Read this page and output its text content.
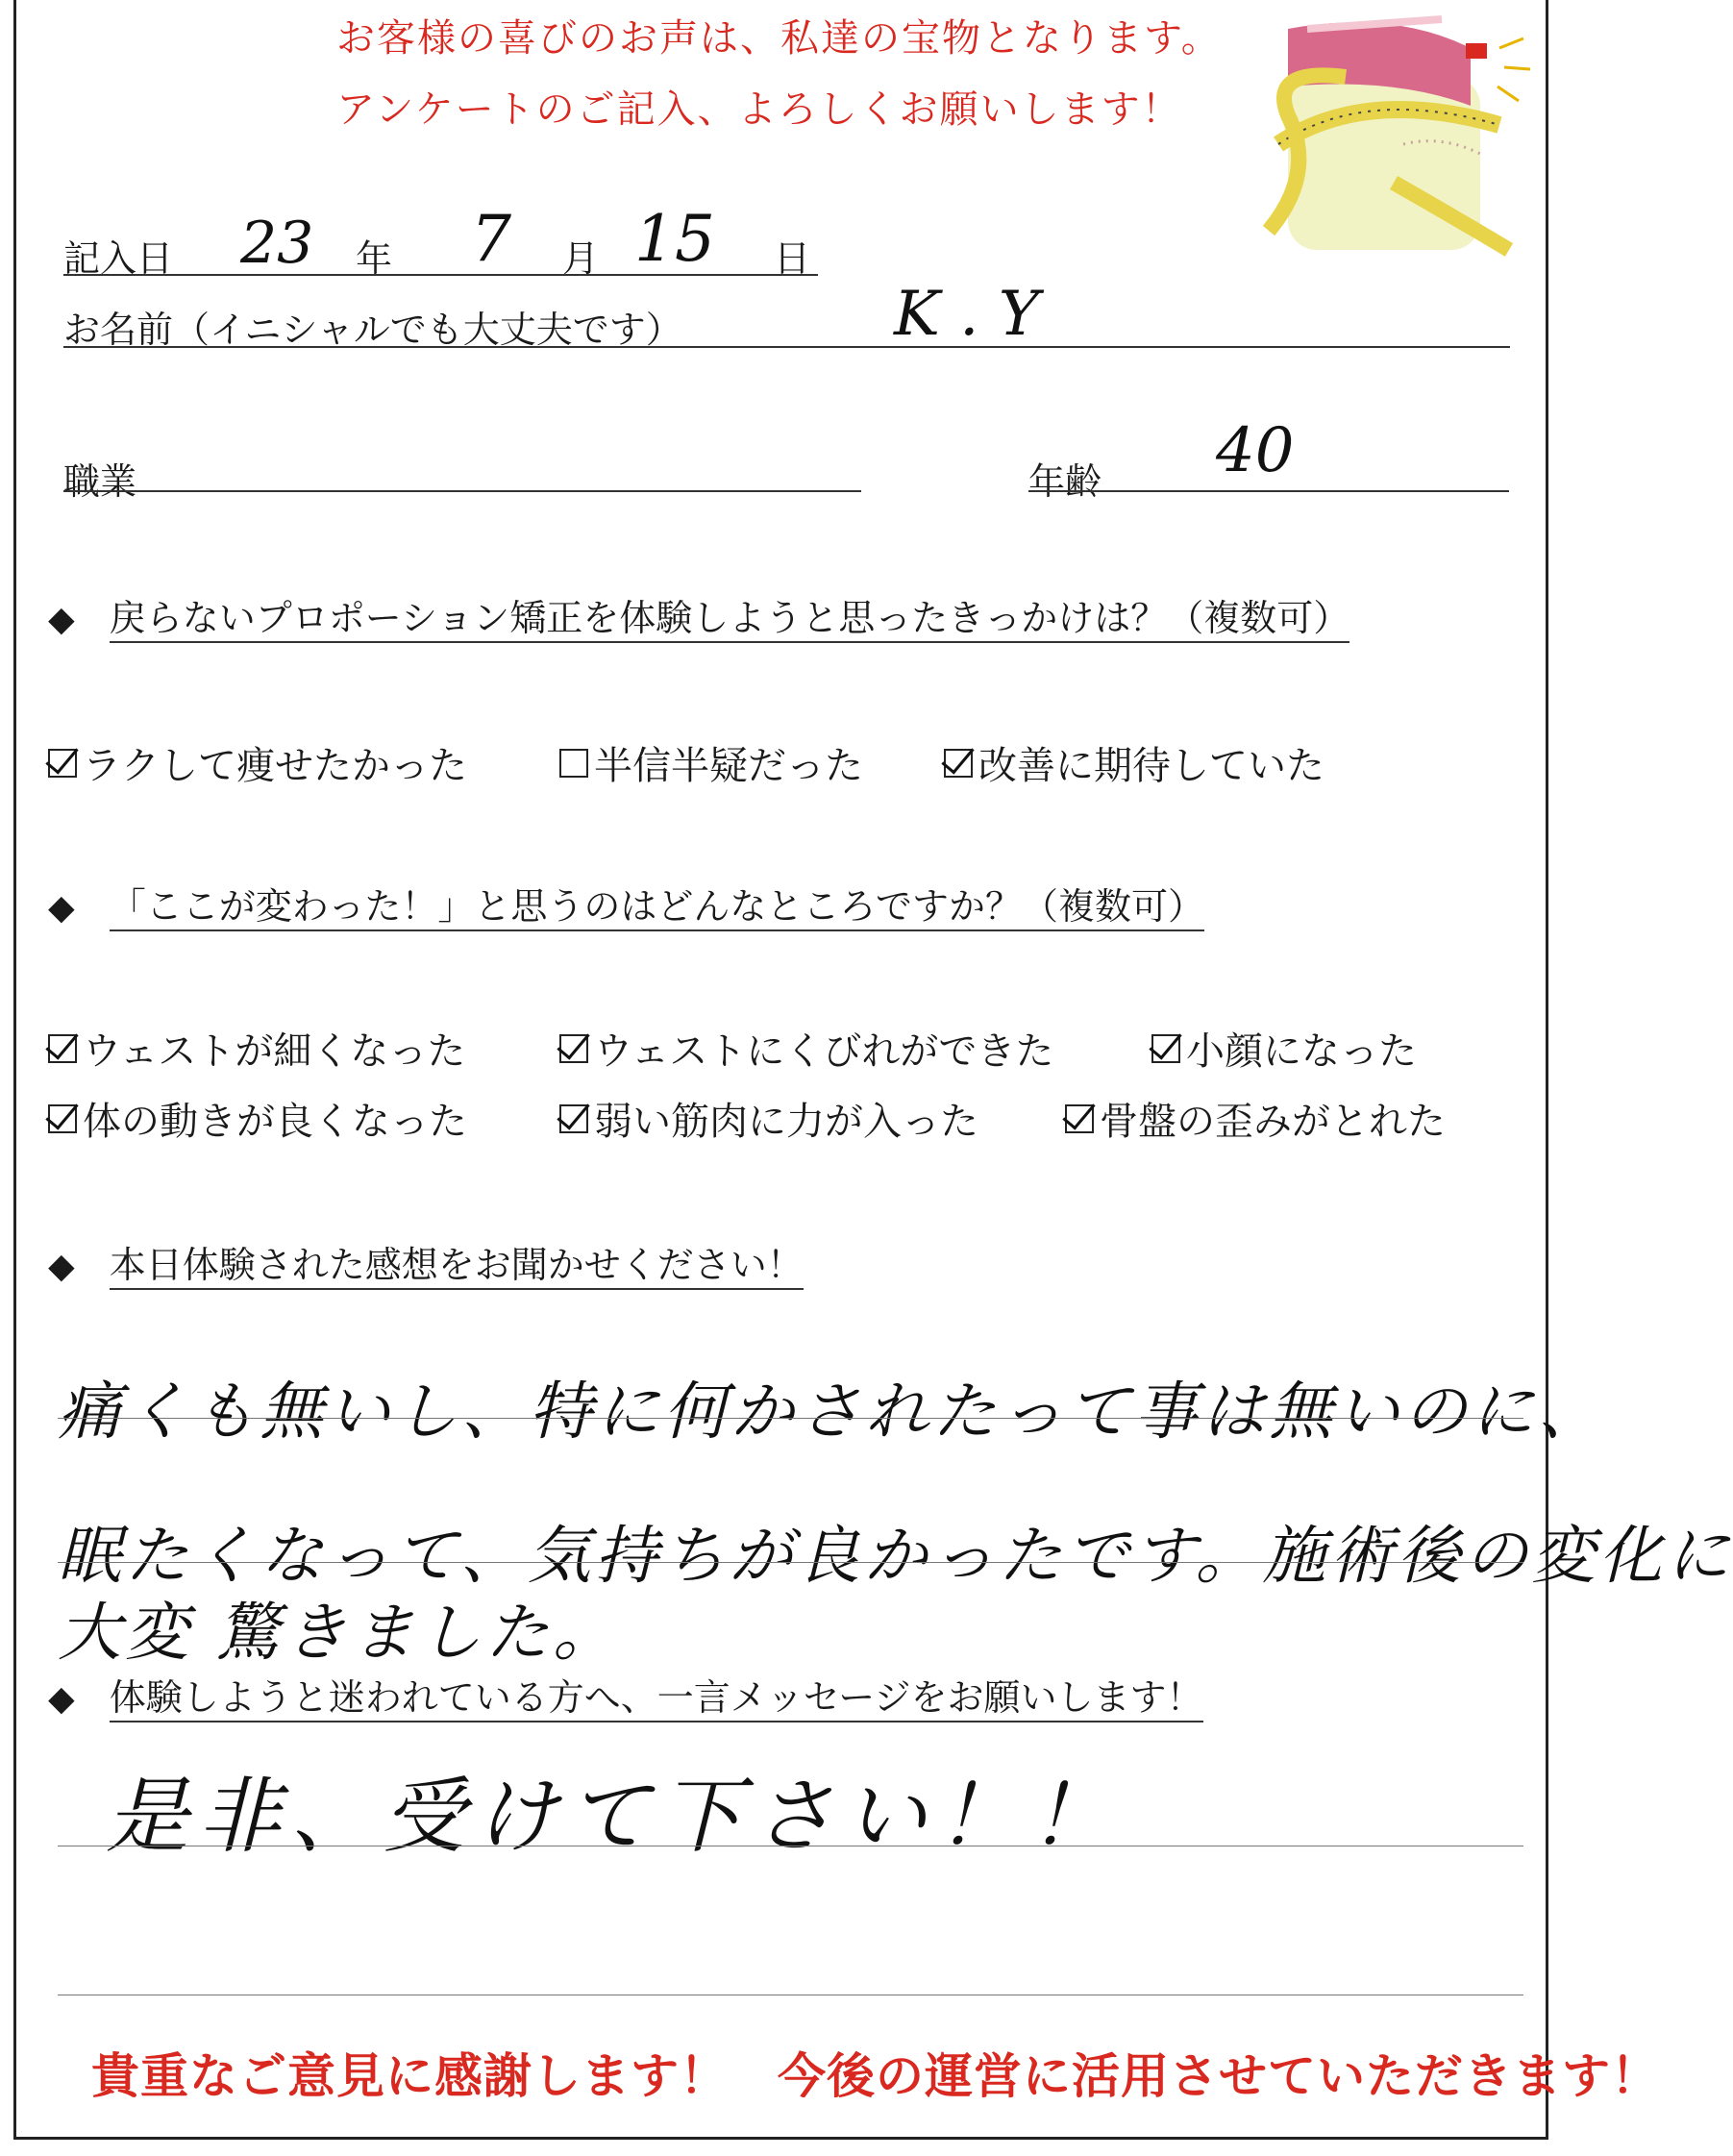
お客様の喜びのお声は、私達の宝物となります。
アンケートのご記入、よろしくお願いします！
記入日 23 年 7 月 15 日
お名前（イニシャルでも大丈夫です）	K . Y
職業	年齢 40
◆ 戻らないプロポーション矯正を体験しようと思ったきっかけは？（複数可）
ラクして痩せたかった	半信半疑だった	改善に期待していた
◆ 「ここが変わった！」と思うのはどんなところですか？（複数可）
ウェストが細くなった	ウェストにくびれができた	小顔になった
体の動きが良くなった	弱い筋肉に力が入った	骨盤の歪みがとれた
◆ 本日体験された感想をお聞かせください！
痛くも無いし、特に何かされたって事は無いのに、
眠たくなって、気持ちが良かったです。施術後の変化に
大変 驚きました。
◆ 体験しようと迷われている方へ、一言メッセージをお願いします！
是非、受けて下さい！！
貴重なご意見に感謝します！　今後の運営に活用させていただきます！
